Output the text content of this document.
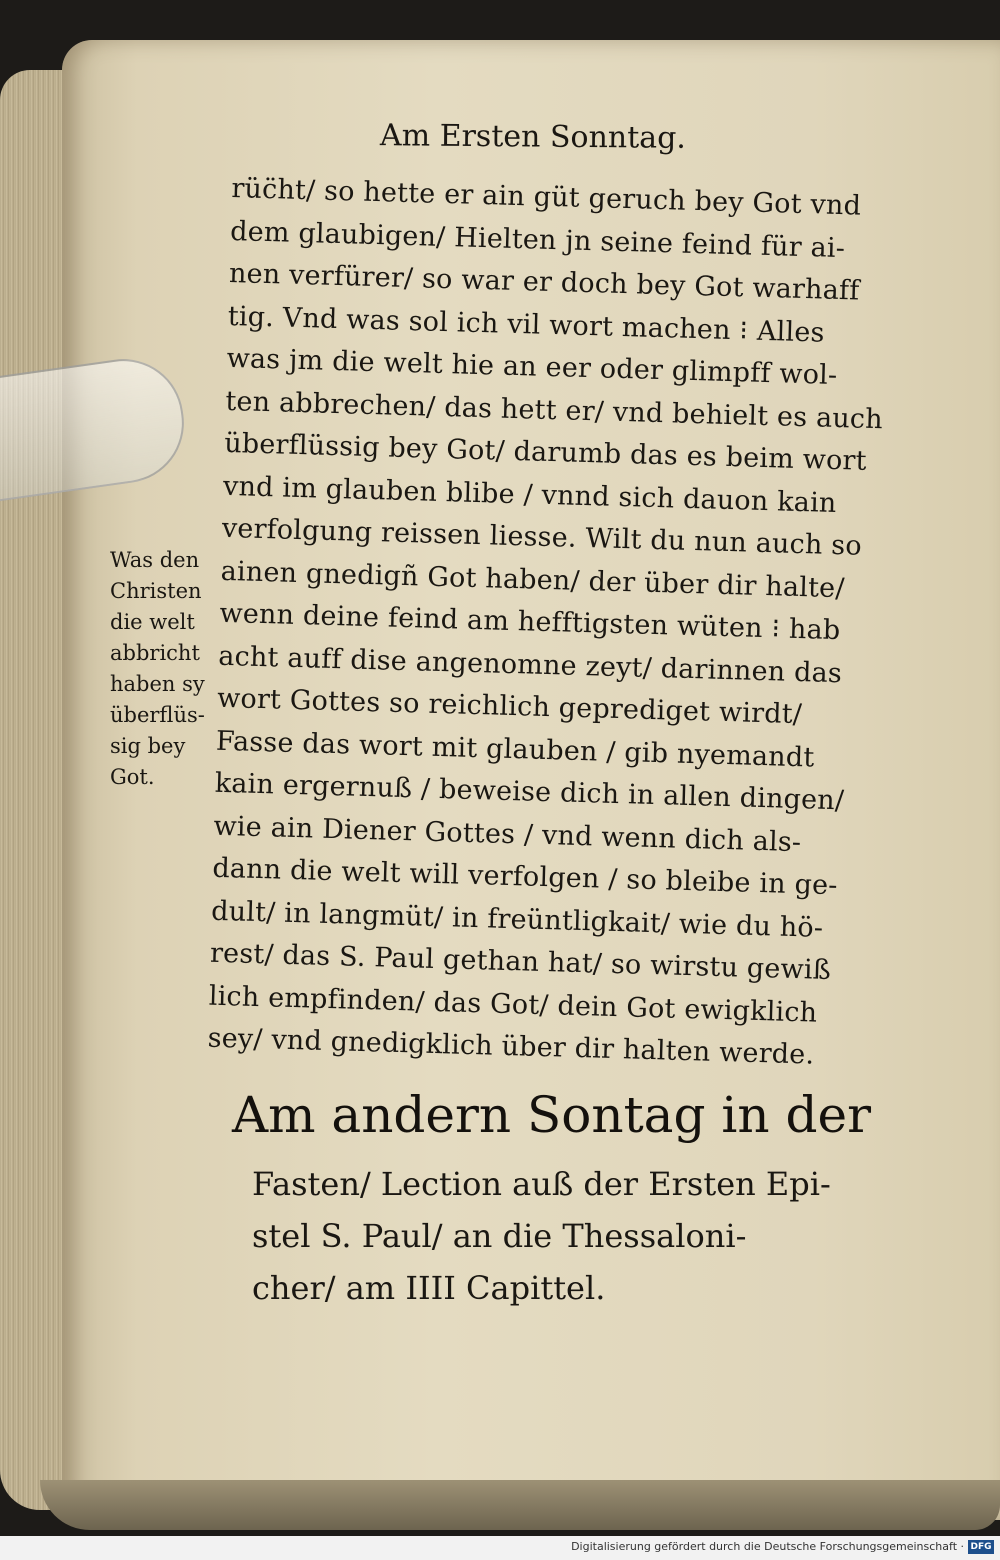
Am Ersten Sonntag.
Was den
Christen
die welt
abbricht
haben sy
überflüs-
sig bey
Got.
rüc̈ht/ so hette er ain güt geruch bey Got vnd
dem glaubigen/ Hielten jn seine feind für ai-
nen verfürer/ so war er doch bey Got warhaff
tig. Vnd was sol ich vil wort machen ⁝ Alles
was jm die welt hie an eer oder glimpff wol-
ten abbrechen/ das hett er/ vnd behielt es auch
überflüssig bey Got/ darumb das es beim wort
vnd im glauben blibe / vnnd sich dauon kain
verfolgung reissen liesse. Wilt du nun auch so
ainen gnedigñ Got haben/ der über dir halte/
wenn deine feind am hefftigsten wüten ⁝ hab
acht auff dise angenomne zeyt/ darinnen das
wort Gottes so reichlich geprediget wirdt/
Fasse das wort mit glauben / gib nyemandt
kain ergernuß / beweise dich in allen dingen/
wie ain Diener Gottes / vnd wenn dich als-
dann die welt will verfolgen / so bleibe in ge-
dult/ in langmüt/ in freüntligkait/ wie du hö-
rest/ das S. Paul gethan hat/ so wirstu gewiß
lich empfinden/ das Got/ dein Got ewigklich
sey/ vnd gnedigklich über dir halten werde.
Am andern Sontag in der
Fasten/ Lection auß der Ersten Epi-
stel S. Paul/ an die Thessaloni-
cher/ am IIII Capittel.
Digitalisierung gefördert durch die Deutsche Forschungsgemeinschaft · DFG
